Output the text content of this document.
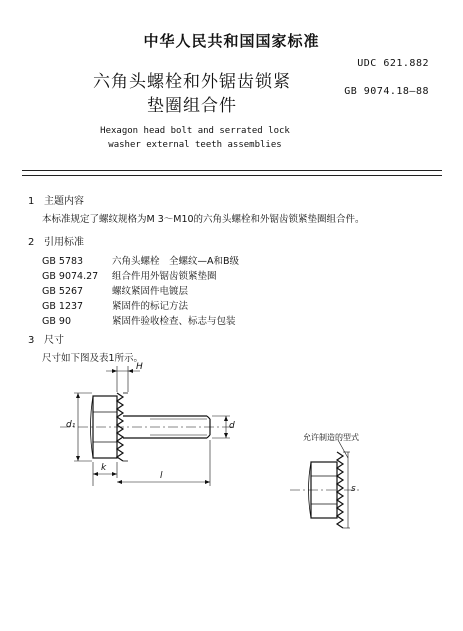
中华人民共和国国家标准
UDC 621.882
GB 9074.18—88
六角头螺栓和外锯齿锁紧
垫圈组合件
Hexagon head bolt and serrated lock
washer external teeth assemblies
1 主题内容
本标准规定了螺纹规格为M 3～M10的六角头螺栓和外锯齿锁紧垫圈组合件。
2 引用标准
GB 5783	六角头螺栓　全螺纹—A和B级
GB 9074.27 组合件用外锯齿锁紧垫圈
GB 5267	螺纹紧固件电镀层
GB 1237	紧固件的标记方法
GB 90	紧固件验收检查、标志与包装
3 尺寸
尺寸如下图及表1所示。
H
d
d₁
k
l
s
允许制造的型式
